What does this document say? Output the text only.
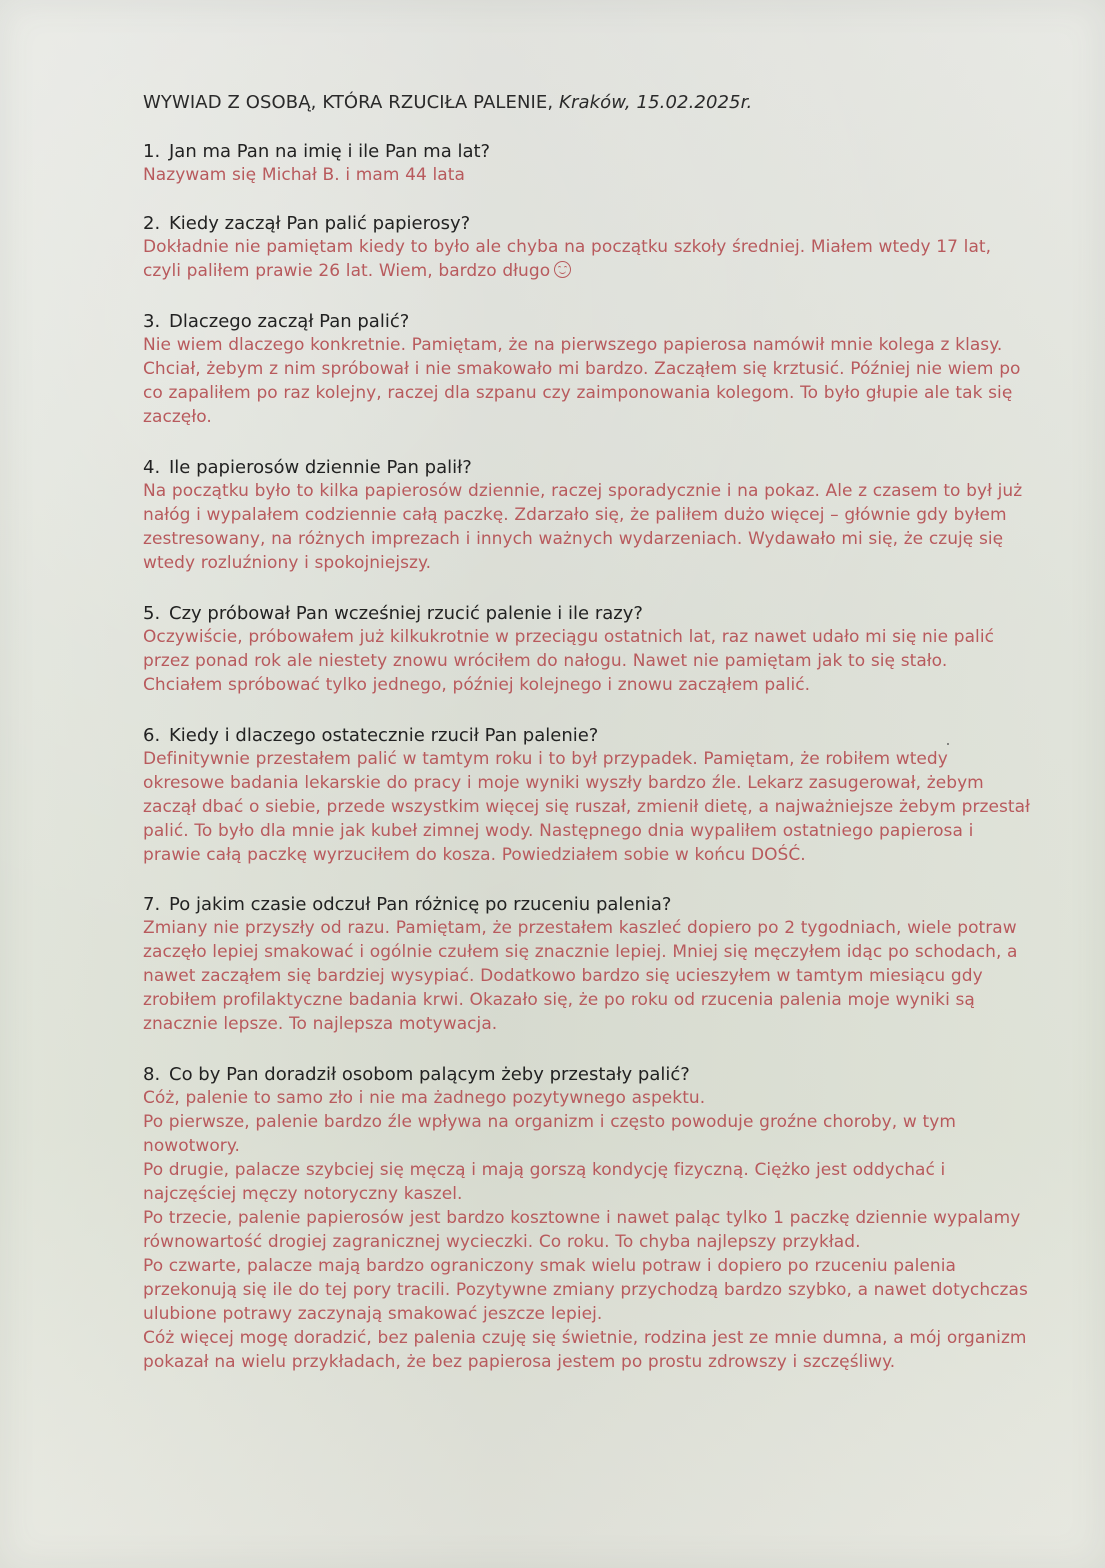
WYWIAD Z OSOBĄ, KTÓRA RZUCIŁA PALENIE, Kraków, 15.02.2025r.
1. Jan ma Pan na imię i ile Pan ma lat?
Nazywam się Michał B. i mam 44 lata
2. Kiedy zaczął Pan palić papierosy?
Dokładnie nie pamiętam kiedy to było ale chyba na początku szkoły średniej. Miałem wtedy 17 lat,
czyli paliłem prawie 26 lat. Wiem, bardzo długo
3. Dlaczego zaczął Pan palić?
Nie wiem dlaczego konkretnie. Pamiętam, że na pierwszego papierosa namówił mnie kolega z klasy.
Chciał, żebym z nim spróbował i nie smakowało mi bardzo. Zacząłem się krztusić. Później nie wiem po
co zapaliłem po raz kolejny, raczej dla szpanu czy zaimponowania kolegom. To było głupie ale tak się
zaczęło.
4. Ile papierosów dziennie Pan palił?
Na początku było to kilka papierosów dziennie, raczej sporadycznie i na pokaz. Ale z czasem to był już
nałóg i wypalałem codziennie całą paczkę. Zdarzało się, że paliłem dużo więcej – głównie gdy byłem
zestresowany, na różnych imprezach i innych ważnych wydarzeniach. Wydawało mi się, że czuję się
wtedy rozluźniony i spokojniejszy.
5. Czy próbował Pan wcześniej rzucić palenie i ile razy?
Oczywiście, próbowałem już kilkukrotnie w przeciągu ostatnich lat, raz nawet udało mi się nie palić
przez ponad rok ale niestety znowu wróciłem do nałogu. Nawet nie pamiętam jak to się stało.
Chciałem spróbować tylko jednego, później kolejnego i znowu zacząłem palić.
6. Kiedy i dlaczego ostatecznie rzucił Pan palenie?
Definitywnie przestałem palić w tamtym roku i to był przypadek. Pamiętam, że robiłem wtedy
okresowe badania lekarskie do pracy i moje wyniki wyszły bardzo źle. Lekarz zasugerował, żebym
zaczął dbać o siebie, przede wszystkim więcej się ruszał, zmienił dietę, a najważniejsze żebym przestał
palić. To było dla mnie jak kubeł zimnej wody. Następnego dnia wypaliłem ostatniego papierosa i
prawie całą paczkę wyrzuciłem do kosza. Powiedziałem sobie w końcu DOŚĆ.
7. Po jakim czasie odczuł Pan różnicę po rzuceniu palenia?
Zmiany nie przyszły od razu. Pamiętam, że przestałem kaszleć dopiero po 2 tygodniach, wiele potraw
zaczęło lepiej smakować i ogólnie czułem się znacznie lepiej. Mniej się męczyłem idąc po schodach, a
nawet zacząłem się bardziej wysypiać. Dodatkowo bardzo się ucieszyłem w tamtym miesiącu gdy
zrobiłem profilaktyczne badania krwi. Okazało się, że po roku od rzucenia palenia moje wyniki są
znacznie lepsze. To najlepsza motywacja.
8. Co by Pan doradził osobom palącym żeby przestały palić?
Cóż, palenie to samo zło i nie ma żadnego pozytywnego aspektu.
Po pierwsze, palenie bardzo źle wpływa na organizm i często powoduje groźne choroby, w tym
nowotwory.
Po drugie, palacze szybciej się męczą i mają gorszą kondycję fizyczną. Ciężko jest oddychać i
najczęściej męczy notoryczny kaszel.
Po trzecie, palenie papierosów jest bardzo kosztowne i nawet paląc tylko 1 paczkę dziennie wypalamy
równowartość drogiej zagranicznej wycieczki. Co roku. To chyba najlepszy przykład.
Po czwarte, palacze mają bardzo ograniczony smak wielu potraw i dopiero po rzuceniu palenia
przekonują się ile do tej pory tracili. Pozytywne zmiany przychodzą bardzo szybko, a nawet dotychczas
ulubione potrawy zaczynają smakować jeszcze lepiej.
Cóż więcej mogę doradzić, bez palenia czuję się świetnie, rodzina jest ze mnie dumna, a mój organizm
pokazał na wielu przykładach, że bez papierosa jestem po prostu zdrowszy i szczęśliwy.
